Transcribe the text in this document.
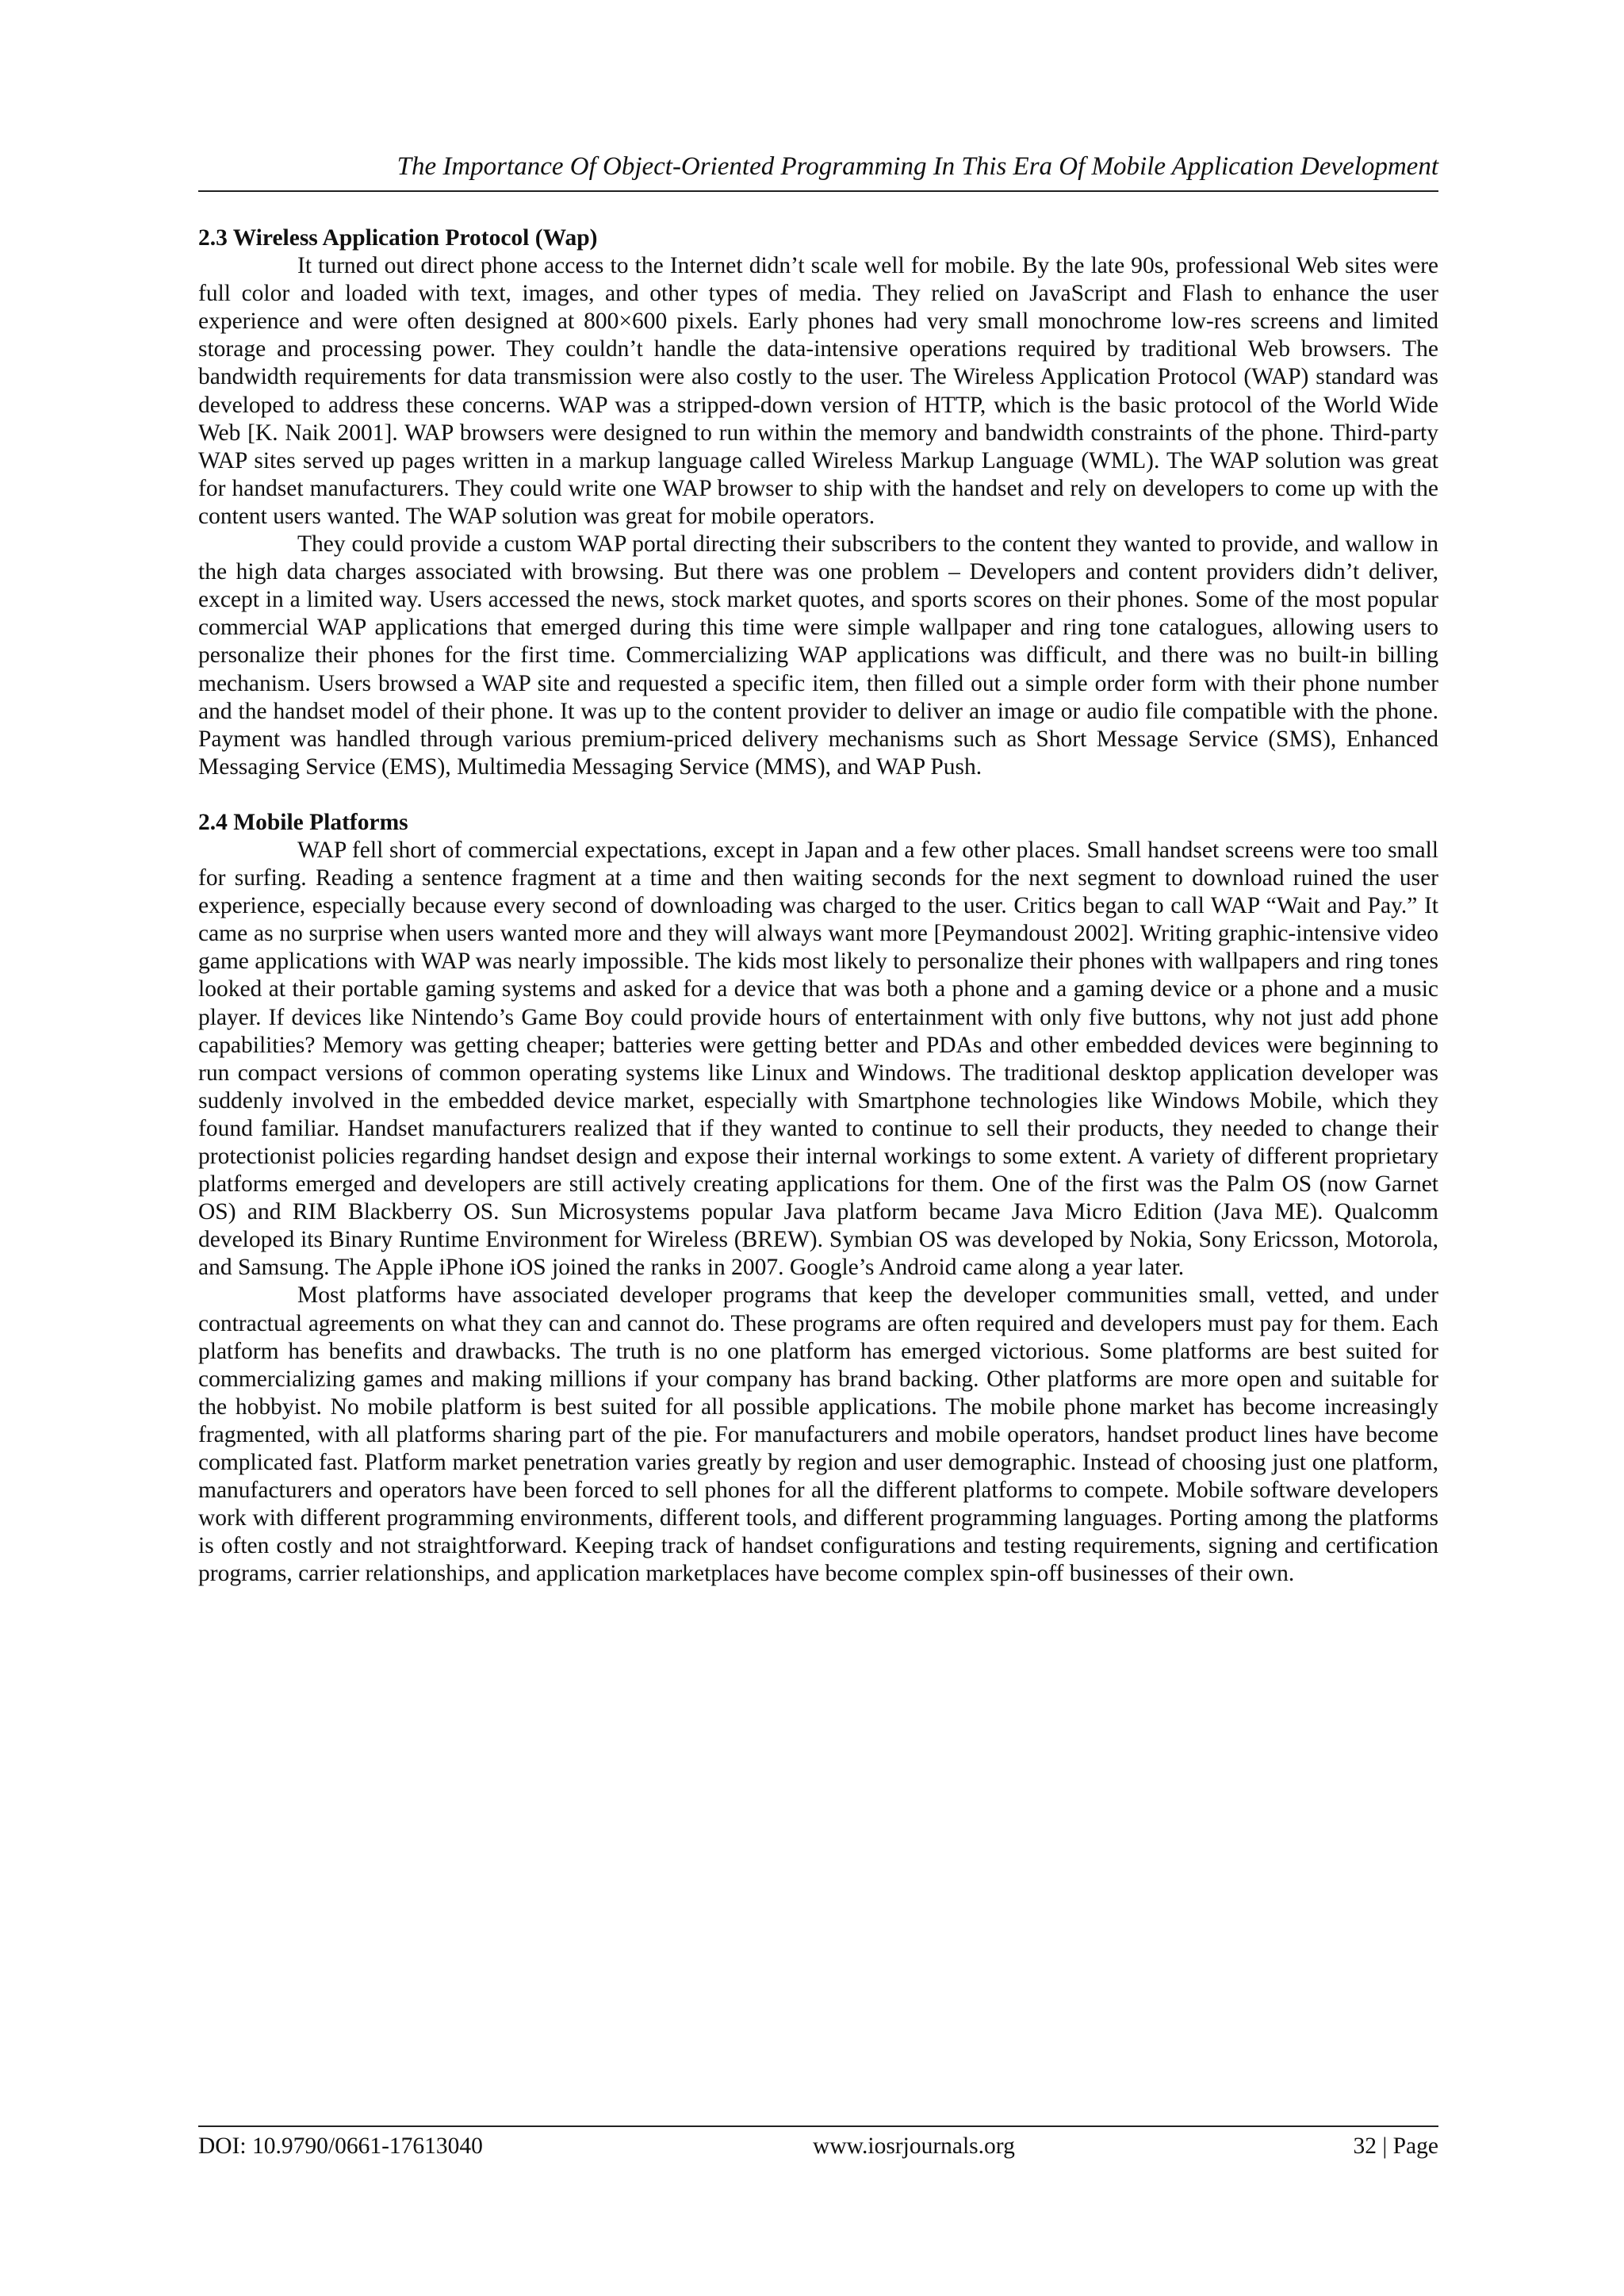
The Importance Of Object-Oriented Programming In This Era Of Mobile Application Development
2.3 Wireless Application Protocol (Wap)

It turned out direct phone access to the Internet didn’t scale well for mobile. By the late 90s, professional Web sites were full color and loaded with text, images, and other types of media. They relied on JavaScript and Flash to enhance the user experience and were often designed at 800×600 pixels. Early phones had very small monochrome low-res screens and limited storage and processing power. They couldn’t handle the data-intensive operations required by traditional Web browsers. The bandwidth requirements for data transmission were also costly to the user. The Wireless Application Protocol (WAP) standard was developed to address these concerns. WAP was a stripped-down version of HTTP, which is the basic protocol of the World Wide Web [K. Naik 2001]. WAP browsers were designed to run within the memory and bandwidth constraints of the phone. Third-party WAP sites served up pages written in a markup language called Wireless Markup Language (WML). The WAP solution was great for handset manufacturers. They could write one WAP browser to ship with the handset and rely on developers to come up with the content users wanted. The WAP solution was great for mobile operators.

They could provide a custom WAP portal directing their subscribers to the content they wanted to provide, and wallow in the high data charges associated with browsing. But there was one problem – Developers and content providers didn’t deliver, except in a limited way. Users accessed the news, stock market quotes, and sports scores on their phones. Some of the most popular commercial WAP applications that emerged during this time were simple wallpaper and ring tone catalogues, allowing users to personalize their phones for the first time. Commercializing WAP applications was difficult, and there was no built-in billing mechanism. Users browsed a WAP site and requested a specific item, then filled out a simple order form with their phone number and the handset model of their phone. It was up to the content provider to deliver an image or audio file compatible with the phone. Payment was handled through various premium-priced delivery mechanisms such as Short Message Service (SMS), Enhanced Messaging Service (EMS), Multimedia Messaging Service (MMS), and WAP Push.

2.4 Mobile Platforms

WAP fell short of commercial expectations, except in Japan and a few other places. Small handset screens were too small for surfing. Reading a sentence fragment at a time and then waiting seconds for the next segment to download ruined the user experience, especially because every second of downloading was charged to the user. Critics began to call WAP “Wait and Pay.” It came as no surprise when users wanted more and they will always want more [Peymandoust 2002]. Writing graphic-intensive video game applications with WAP was nearly impossible. The kids most likely to personalize their phones with wallpapers and ring tones looked at their portable gaming systems and asked for a device that was both a phone and a gaming device or a phone and a music player. If devices like Nintendo’s Game Boy could provide hours of entertainment with only five buttons, why not just add phone capabilities? Memory was getting cheaper; batteries were getting better and PDAs and other embedded devices were beginning to run compact versions of common operating systems like Linux and Windows. The traditional desktop application developer was suddenly involved in the embedded device market, especially with Smartphone technologies like Windows Mobile, which they found familiar. Handset manufacturers realized that if they wanted to continue to sell their products, they needed to change their protectionist policies regarding handset design and expose their internal workings to some extent. A variety of different proprietary platforms emerged and developers are still actively creating applications for them. One of the first was the Palm OS (now Garnet OS) and RIM Blackberry OS. Sun Microsystems popular Java platform became Java Micro Edition (Java ME). Qualcomm developed its Binary Runtime Environment for Wireless (BREW). Symbian OS was developed by Nokia, Sony Ericsson, Motorola, and Samsung. The Apple iPhone iOS joined the ranks in 2007. Google’s Android came along a year later.

Most platforms have associated developer programs that keep the developer communities small, vetted, and under contractual agreements on what they can and cannot do. These programs are often required and developers must pay for them. Each platform has benefits and drawbacks. The truth is no one platform has emerged victorious. Some platforms are best suited for commercializing games and making millions if your company has brand backing. Other platforms are more open and suitable for the hobbyist. No mobile platform is best suited for all possible applications. The mobile phone market has become increasingly fragmented, with all platforms sharing part of the pie. For manufacturers and mobile operators, handset product lines have become complicated fast. Platform market penetration varies greatly by region and user demographic. Instead of choosing just one platform, manufacturers and operators have been forced to sell phones for all the different platforms to compete. Mobile software developers work with different programming environments, different tools, and different programming languages. Porting among the platforms is often costly and not straightforward. Keeping track of handset configurations and testing requirements, signing and certification programs, carrier relationships, and application marketplaces have become complex spin-off businesses of their own.

DOI: 10.9790/0661-17613040	www.iosrjournals.org	32 | Page
